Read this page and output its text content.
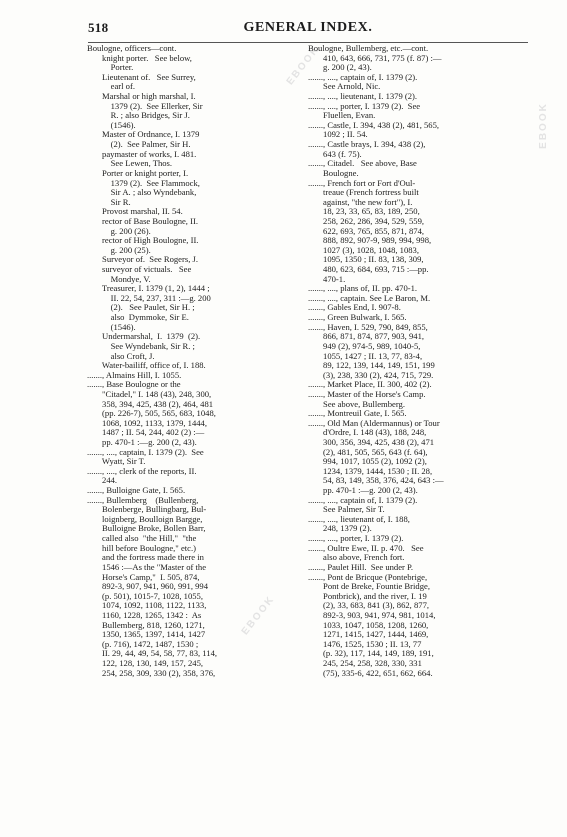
EBOOK
EBOOK
EBOOK
518	GENERAL INDEX.
Boulogne, officers—cont.
knight porter.   See below,
Porter.
Lieutenant of.   See Surrey,
earl of.
Marshal or high marshal, I.
1379 (2).  See Ellerker, Sir
R. ; also Bridges, Sir J.
(1546).
Master of Ordnance, I. 1379
(2).  See Palmer, Sir H.
paymaster of works, I. 481.
See Lewen, Thos.
Porter or knight porter, I.
1379 (2).  See Flammock,
Sir A. ; also Wyndebank,
Sir R.
Provost marshal, II. 54.
rector of Base Boulogne, II.
g. 200 (26).
rector of High Boulogne, II.
g. 200 (25).
Surveyor of.  See Rogers, J.
surveyor of victuals.   See
Mondye, V.
Treasurer, I. 1379 (1, 2), 1444 ;
II. 22, 54, 237, 311 :—g. 200
(2).   See Paulet, Sir H. ;
also  Dymmoke, Sir E.
(1546).
Undermarshal,  I.  1379  (2).
See Wyndebank, Sir R. ;
also Croft, J.
Water-bailiff, office of, I. 188.
......., Almains Hill, I. 1055.
......., Base Boulogne or the
"Citadel," I. 148 (43), 248, 300,
358, 394, 425, 438 (2), 464, 481
(pp. 226-7), 505, 565, 683, 1048,
1068, 1092, 1133, 1379, 1444,
1487 ; II. 54, 244, 402 (2) :—
pp. 470-1 :—g. 200 (2, 43).
......., ...., captain, I. 1379 (2).  See
Wyatt, Sir T.
......., ...., clerk of the reports, II.
244.
......., Bulloigne Gate, I. 565.
......., Bullemberg    (Bullenberg,
Bolenberge, Bullingbarg, Bul-
loignberg, Boulloign Bargge,
Bulloigne Broke, Bollen Barr,
called also  "the Hill,"  "the
hill before Boulogne," etc.)
and the fortress made there in
1546 :—As the "Master of the
Horse's Camp,"  I. 505, 874,
892-3, 907, 941, 960, 991, 994
(p. 501), 1015-7, 1028, 1055,
1074, 1092, 1108, 1122, 1133,
1160, 1228, 1265, 1342 :  As
Bullemberg, 818, 1260, 1271,
1350, 1365, 1397, 1414, 1427
(p. 716), 1472, 1487, 1530 ;
II. 29, 44, 49, 54, 58, 77, 83, 114,
122, 128, 130, 149, 157, 245,
254, 258, 309, 330 (2), 358, 376,
Boulogne, Bullemberg, etc.—cont.
410, 643, 666, 731, 775 (f. 87) :—
g. 200 (2, 43).
......., ...., captain of, I. 1379 (2).
See Arnold, Nic.
......., ...., lieutenant, I. 1379 (2).
......., ...., porter, I. 1379 (2).  See
Fluellen, Evan.
......., Castle, I. 394, 438 (2), 481, 565,
1092 ; II. 54.
......., Castle brays, I. 394, 438 (2),
643 (f. 75).
......., Citadel.   See above, Base
Boulogne.
......., French fort or Fort d'Oul-
treaue (French fortress built
against, "the new fort"), I.
18, 23, 33, 65, 83, 189, 250,
258, 262, 286, 394, 529, 559,
622, 693, 765, 855, 871, 874,
888, 892, 907-9, 989, 994, 998,
1027 (3), 1028, 1048, 1083,
1095, 1350 ; II. 83, 138, 309,
480, 623, 684, 693, 715 :—pp.
470-1.
......., ...., plans of, II. pp. 470-1.
......., ...., captain. See Le Baron, M.
......., Gables End, I. 907-8.
......., Green Bulwark, I. 565.
......., Haven, I. 529, 790, 849, 855,
866, 871, 874, 877, 903, 941,
949 (2), 974-5, 989, 1040-5,
1055, 1427 ; II. 13, 77, 83-4,
89, 122, 139, 144, 149, 151, 199
(3), 238, 330 (2), 424, 715, 729.
......., Market Place, II. 300, 402 (2).
......., Master of the Horse's Camp.
See above, Bullemberg.
......., Montreuil Gate, I. 565.
......., Old Man (Aldermannus) or Tour
d'Ordre, I. 148 (43), 188, 248,
300, 356, 394, 425, 438 (2), 471
(2), 481, 505, 565, 643 (f. 64),
994, 1017, 1055 (2), 1092 (2),
1234, 1379, 1444, 1530 ; II. 28,
54, 83, 149, 358, 376, 424, 643 :—
pp. 470-1 :—g. 200 (2, 43).
......., ...., captain of, I. 1379 (2).
See Palmer, Sir T.
......., ...., lieutenant of, I. 188,
248, 1379 (2).
......., ...., porter, I. 1379 (2).
......., Oultre Ewe, II. p. 470.   See
also above, French fort.
......., Paulet Hill.  See under P.
......., Pont de Bricque (Pontebrige,
Pont de Breke, Fountie Bridge,
Pontbrick), and the river, I. 19
(2), 33, 683, 841 (3), 862, 877,
892-3, 903, 941, 974, 981, 1014,
1033, 1047, 1058, 1208, 1260,
1271, 1415, 1427, 1444, 1469,
1476, 1525, 1530 ; II. 13, 77
(p. 32), 117, 144, 149, 189, 191,
245, 254, 258, 328, 330, 331
(75), 335-6, 422, 651, 662, 664.
